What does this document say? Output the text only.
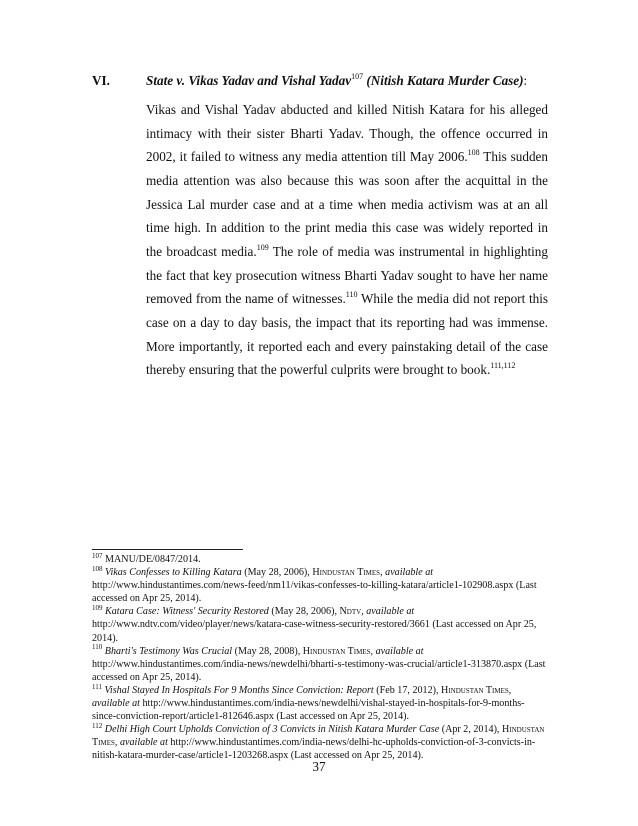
VI.	State v. Vikas Yadav and Vishal Yadav$^{107}$ (Nitish Katara Murder Case):
Vikas and Vishal Yadav abducted and killed Nitish Katara for his alleged intimacy with their sister Bharti Yadav. Though, the offence occurred in 2002, it failed to witness any media attention till May 2006.$^{108}$ This sudden media attention was also because this was soon after the acquittal in the Jessica Lal murder case and at a time when media activism was at an all time high. In addition to the print media this case was widely reported in the broadcast media.$^{109}$ The role of media was instrumental in highlighting the fact that key prosecution witness Bharti Yadav sought to have her name removed from the name of witnesses.$^{110}$ While the media did not report this case on a day to day basis, the impact that its reporting had was immense. More importantly, it reported each and every painstaking detail of the case thereby ensuring that the powerful culprits were brought to book.$^{111,112}$

$^{107}$ MANU/DE/0847/2014.

$^{108}$ Vikas Confesses to Killing Katara (May 28, 2006), Hindustan Times, available at http://www.hindustantimes.com/news-feed/nm11/vikas-confesses-to-killing-katara/article1-102908.aspx (Last accessed on Apr 25, 2014).

$^{109}$ Katara Case: Witness' Security Restored (May 28, 2006), Ndtv, available at http://www.ndtv.com/video/player/news/katara-case-witness-security-restored/3661 (Last accessed on Apr 25, 2014).

$^{110}$ Bharti's Testimony Was Crucial (May 28, 2008), Hindustan Times, available at http://www.hindustantimes.com/india-news/newdelhi/bharti-s-testimony-was-crucial/article1-313870.aspx (Last accessed on Apr 25, 2014).

$^{111}$ Vishal Stayed In Hospitals For 9 Months Since Conviction: Report (Feb 17, 2012), Hindustan Times, available at http://www.hindustantimes.com/india-news/newdelhi/vishal-stayed-in-hospitals-for-9-months-since-conviction-report/article1-812646.aspx (Last accessed on Apr 25, 2014).

$^{112}$ Delhi High Court Upholds Conviction of 3 Convicts in Nitish Katara Murder Case (Apr 2, 2014), Hindustan Times, available at http://www.hindustantimes.com/india-news/delhi-hc-upholds-conviction-of-3-convicts-in-nitish-katara-murder-case/article1-1203268.aspx (Last accessed on Apr 25, 2014).

37
